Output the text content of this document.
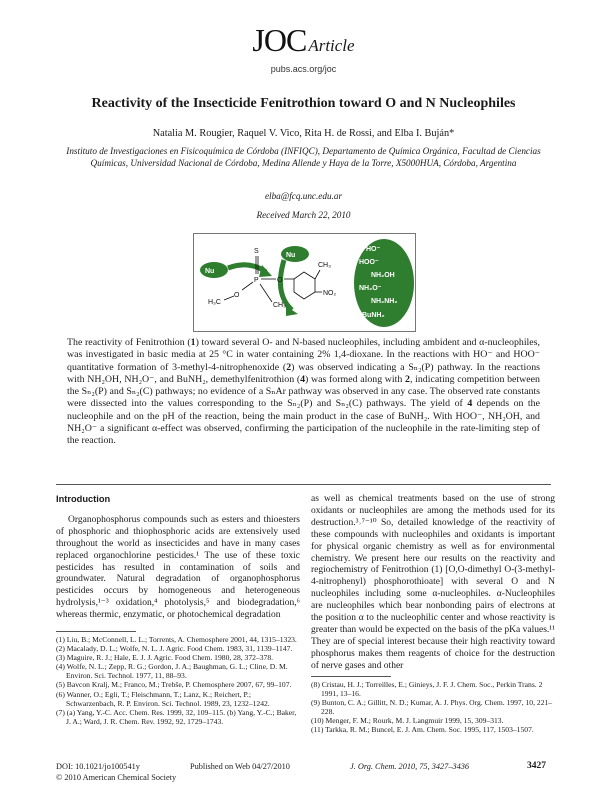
JOC Article
pubs.acs.org/joc
Reactivity of the Insecticide Fenitrothion toward O and N Nucleophiles
Natalia M. Rougier, Raquel V. Vico, Rita H. de Rossi, and Elba I. Buján*
Instituto de Investigaciones en Fisicoquímica de Córdoba (INFIQC), Departamento de Química Orgánica, Facultad de Ciencias Químicas, Universidad Nacional de Córdoba, Medina Allende y Haya de la Torre, X5000HUA, Córdoba, Argentina
elba@fcq.unc.edu.ar
Received March 22, 2010
Nu
Nu
S
P	O
O
H₃C	CH₃
CH₃
NO₂
HO⁻
HOO⁻
NH₂OH
NH₂O⁻
NH₂NH₂
BuNH₂
The reactivity of Fenitrothion (1) toward several O- and N-based nucleophiles, including ambident and α-nucleophiles, was investigated in basic media at 25 °C in water containing 2% 1,4-dioxane. In the reactions with HO⁻ and HOO⁻ quantitative formation of 3-methyl-4-nitrophenoxide (2) was observed indicating a Sₙ₂(P) pathway. In the reactions with NH₂OH, NH₂O⁻, and BuNH₂, demethylfenitrothion (4) was formed along with 2, indicating competition between the Sₙ₂(P) and Sₙ₂(C) pathways; no evidence of a SₙAr pathway was observed in any case. The observed rate constants were dissected into the values corresponding to the Sₙ₂(P) and Sₙ₂(C) pathways. The yield of 4 depends on the nucleophile and on the pH of the reaction, being the main product in the case of BuNH₂. With HOO⁻, NH₂OH, and NH₂O⁻ a significant α-effect was observed, confirming the participation of the nucleophile in the rate-limiting step of the reaction.
Introduction
Organophosphorus compounds such as esters and thioesters of phosphoric and thiophosphoric acids are extensively used throughout the world as insecticides and have in many cases replaced organochlorine pesticides.¹ The use of these toxic pesticides has resulted in contamination of soils and groundwater. Natural degradation of organophosphorus pesticides occurs by homogeneous and heterogeneous hydrolysis,¹⁻³ oxidation,⁴ photolysis,⁵ and biodegradation,⁶ whereas thermic, enzymatic, or photochemical degradation
as well as chemical treatments based on the use of strong oxidants or nucleophiles are among the methods used for its destruction.³˒⁷⁻¹⁰ So, detailed knowledge of the reactivity of these compounds with nucleophiles and oxidants is important for physical organic chemistry as well as for environmental chemistry. We present here our results on the reactivity and regiochemistry of Fenitrothion (1) [O,O-dimethyl O-(3-methyl-4-nitrophenyl) phosphorothioate] with several O and N nucleophiles including some α-nucleophiles. α-Nucleophiles are nucleophiles which bear nonbonding pairs of electrons at the position α to the nucleophilic center and whose reactivity is greater than would be expected on the basis of the pKa values.¹¹ They are of special interest because their high reactivity toward phosphorus makes them reagents of choice for the destruction of nerve gases and other
(1) Liu, B.; McConnell, L. L.; Torrents, A. Chemosphere 2001, 44, 1315–1323.
(2) Macalady, D. L.; Wolfe, N. L. J. Agric. Food Chem. 1983, 31, 1139–1147.
(3) Maguire, R. J.; Hale, E. J. J. Agric. Food Chem. 1980, 28, 372–378.
(4) Wolfe, N. L.; Zepp, R. G.; Gordon, J. A.; Baughman, G. L.; Cline, D. M. Environ. Sci. Technol. 1977, 11, 88–93.
(5) Bavcon Kralj, M.; Franco, M.; Trebše, P. Chemosphere 2007, 67, 99–107.
(6) Wanner, O.; Egli, T.; Fleischmann, T.; Lanz, K.; Reichert, P.; Schwarzenbach, R. P. Environ. Sci. Technol. 1989, 23, 1232–1242.
(7) (a) Yang, Y.-C. Acc. Chem. Res. 1999, 32, 109–115. (b) Yang, Y.-C.; Baker, J. A.; Ward, J. R. Chem. Rev. 1992, 92, 1729–1743.
(8) Cristau, H. J.; Torreilles, E.; Ginieys, J. F. J. Chem. Soc., Perkin Trans. 2 1991, 13–16.
(9) Bunton, C. A.; Gillitt, N. D.; Kumar, A. J. Phys. Org. Chem. 1997, 10, 221–228.
(10) Menger, F. M.; Rourk, M. J. Langmuir 1999, 15, 309–313.
(11) Tarkka, R. M.; Buncel, E. J. Am. Chem. Soc. 1995, 117, 1503–1507.
DOI: 10.1021/jo100541y
© 2010 American Chemical Society
Published on Web 04/27/2010	J. Org. Chem. 2010, 75, 3427–3436	3427
